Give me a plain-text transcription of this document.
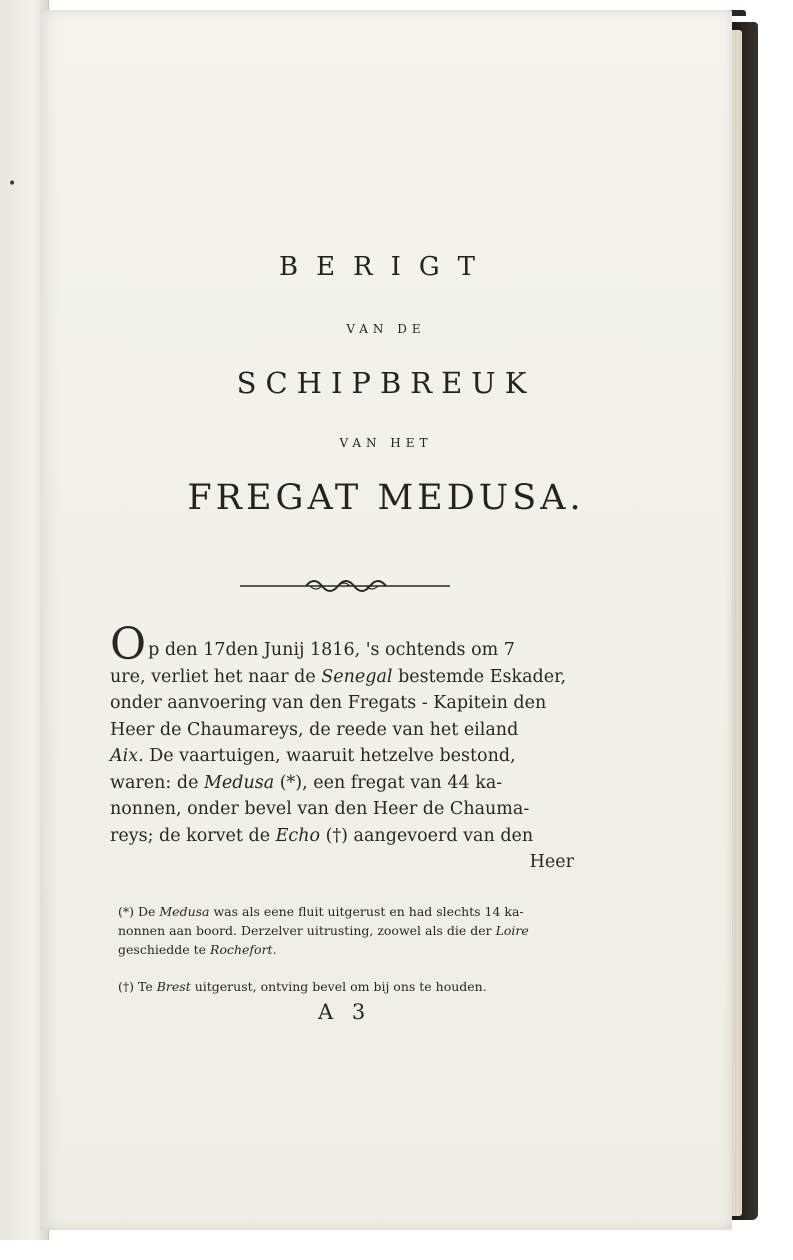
•
BERIGT
VAN DE
SCHIPBREUK
VAN HET
FREGAT MEDUSA.
Op den 17den Junij 1816, 's ochtends om 7
ure, verliet het naar de Senegal bestemde Eskader,
onder aanvoering van den Fregats - Kapitein den
Heer de Chaumareys, de reede van het eiland
Aix. De vaartuigen, waaruit hetzelve bestond,
waren: de Medusa (*), een fregat van 44 ka-
nonnen, onder bevel van den Heer de Chauma-
reys; de korvet de Echo (†) aangevoerd van den
Heer
(*) De Medusa was als eene fluit uitgerust en had slechts 14 ka-
nonnen aan boord. Derzelver uitrusting, zoowel als die der Loire
geschiedde te Rochefort.
(†) Te Brest uitgerust, ontving bevel om bij ons te houden.
A 3
